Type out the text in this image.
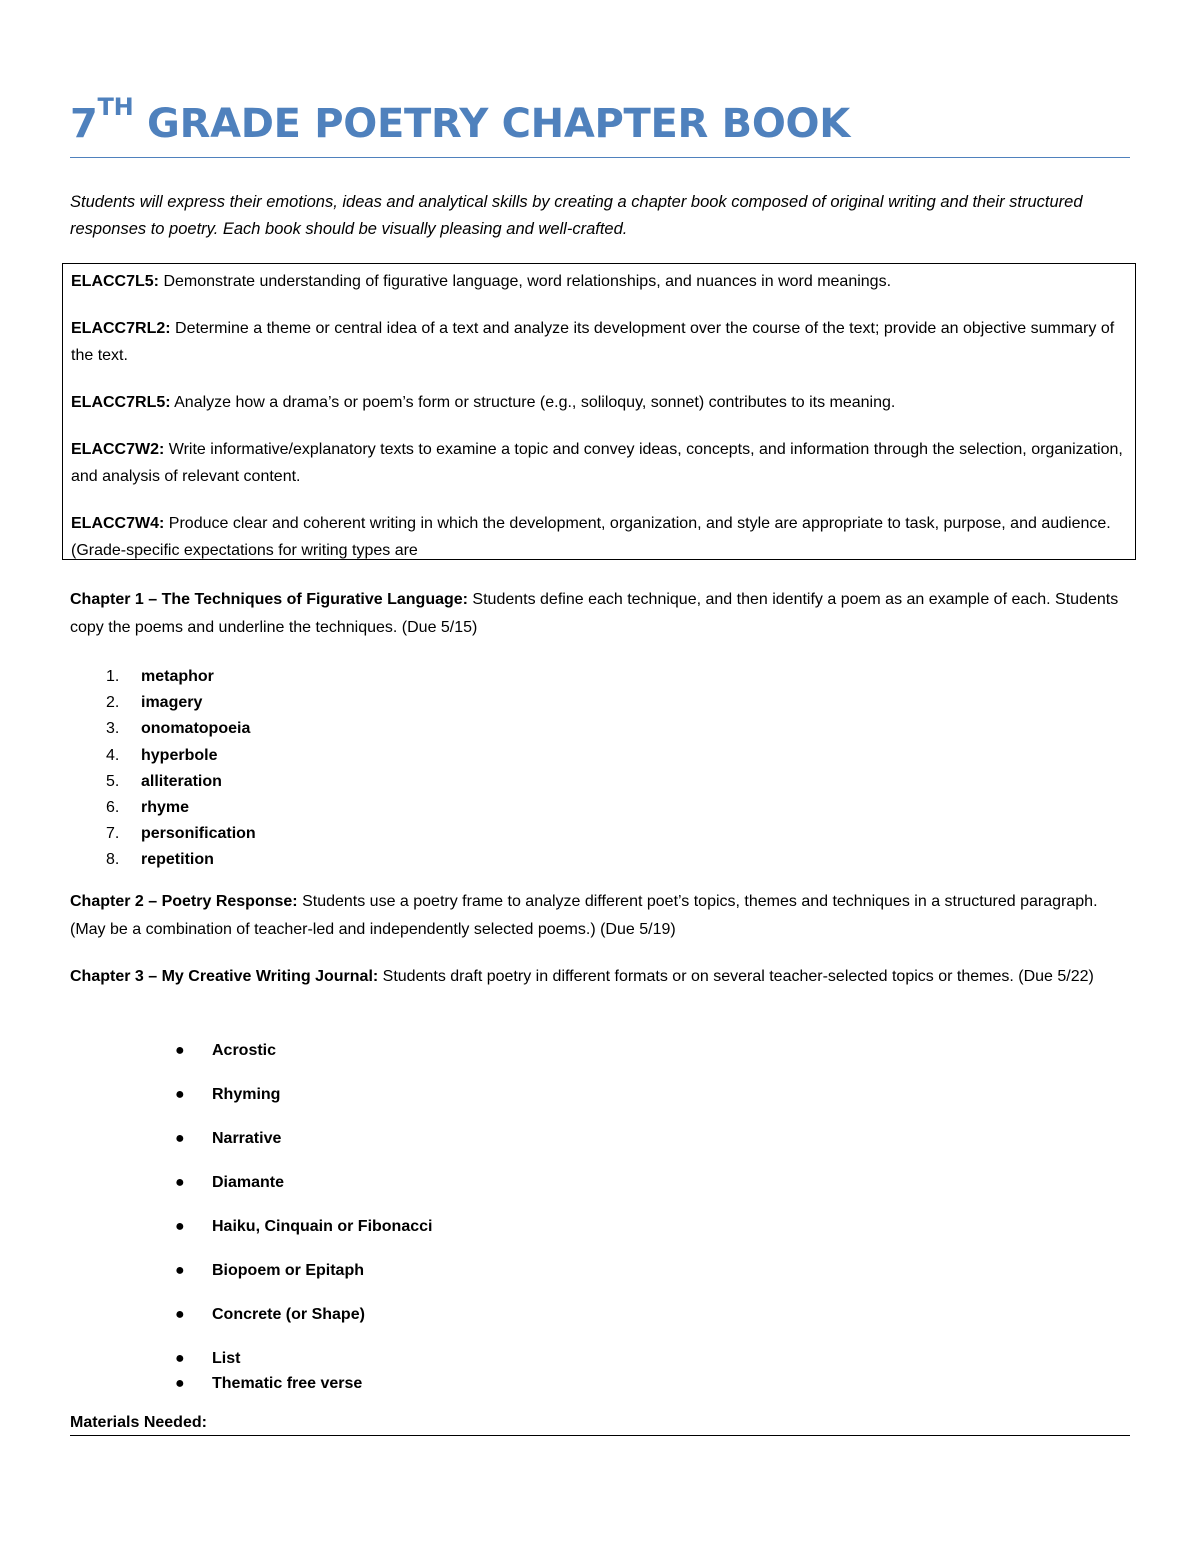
7TH GRADE POETRY CHAPTER BOOK
Students will express their emotions, ideas and analytical skills by creating a chapter book composed of original writing and their structured responses to poetry. Each book should be visually pleasing and well-crafted.

ELACC7L5: Demonstrate understanding of figurative language, word relationships, and nuances in word meanings.

ELACC7RL2: Determine a theme or central idea of a text and analyze its development over the course of the text; provide an objective summary of the text.

ELACC7RL5: Analyze how a drama’s or poem’s form or structure (e.g., soliloquy, sonnet) contributes to its meaning.

ELACC7W2: Write informative/explanatory texts to examine a topic and convey ideas, concepts, and information through the selection, organization, and analysis of relevant content.

ELACC7W4: Produce clear and coherent writing in which the development, organization, and style are appropriate to task, purpose, and audience. (Grade-specific expectations for writing types are

Chapter 1 – The Techniques of Figurative Language: Students define each technique, and then identify a poem as an example of each. Students copy the poems and underline the techniques. (Due 5/15)
1.	metaphor
2.	imagery
3.	onomatopoeia
4.	hyperbole
5.	alliteration
6.	rhyme
7.	personification
8.	repetition
Chapter 2 – Poetry Response: Students use a poetry frame to analyze different poet’s topics, themes and techniques in a structured paragraph. (May be a combination of teacher-led and independently selected poems.) (Due 5/19)
Chapter 3 – My Creative Writing Journal: Students draft poetry in different formats or on several teacher-selected topics or themes. (Due 5/22)
●	Acrostic
●	Rhyming
●	Narrative
●	Diamante
●	Haiku, Cinquain or Fibonacci
●	Biopoem or Epitaph
●	Concrete (or Shape)
●	List
●	Thematic free verse
Materials Needed:
